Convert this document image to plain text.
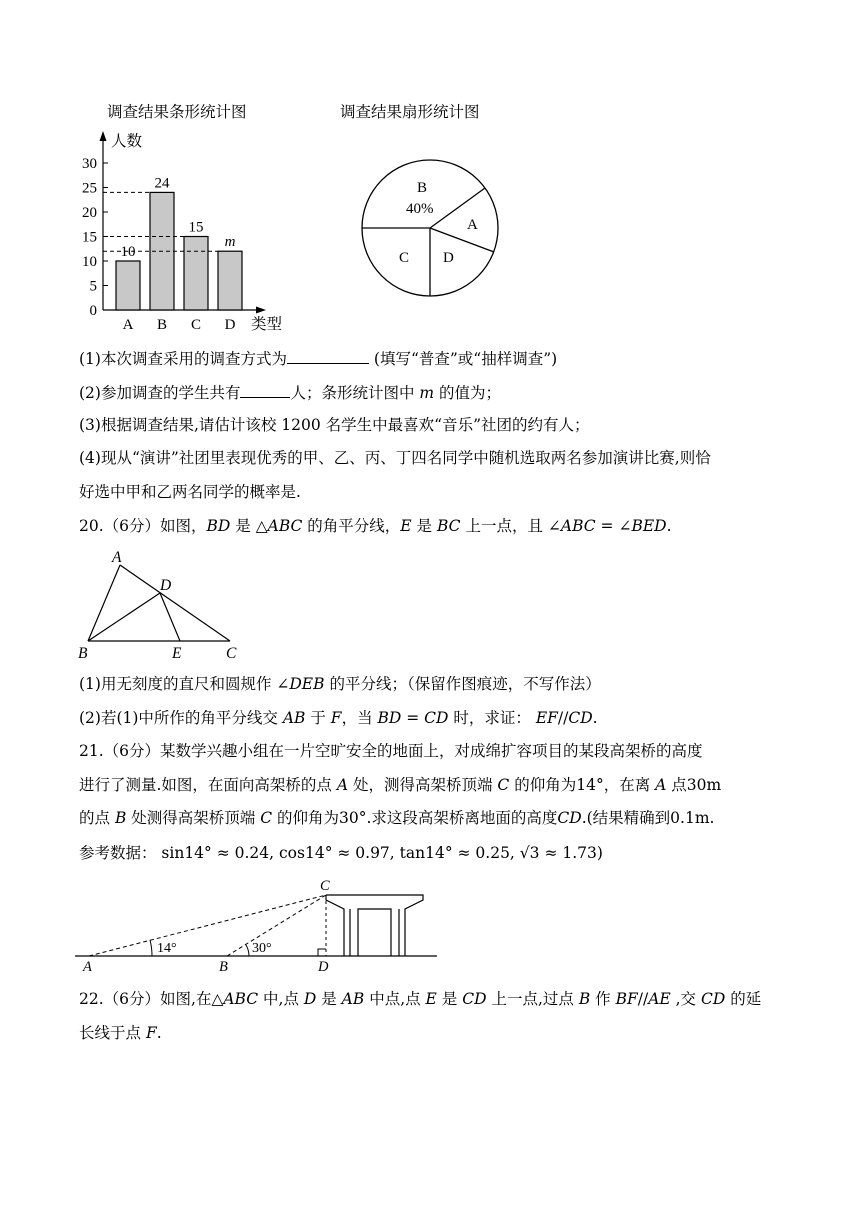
调查结果条形统计图
人数
类型
0
5
10
15
20
25
30
10
A
24
B
15
C
m
D
调查结果扇形统计图
B
40%
A
C D
(1)本次调查采用的调查方式为	(填写“普查”或“抽样调查”)
(2)参加调查的学生共有	人；条形统计图中 m 的值为；
(3)根据调查结果,请估计该校 1200 名学生中最喜欢“音乐”社团的约有人；
(4)现从“演讲”社团里表现优秀的甲、乙、丙、丁四名同学中随机选取两名参加演讲比赛,则恰
好选中甲和乙两名同学的概率是.
20.（6分）如图，BD 是 △ABC 的角平分线，E 是 BC 上一点，且 ∠ABC = ∠BED.
A
D
B	E	C
(1)用无刻度的直尺和圆规作 ∠DEB 的平分线；（保留作图痕迹，不写作法）
(2)若(1)中所作的角平分线交 AB 于 F，当 BD = CD 时，求证： EF//CD.
21.（6分）某数学兴趣小组在一片空旷安全的地面上，对成绵扩容项目的某段高架桥的高度
进行了测量.如图，在面向高架桥的点 A 处，测得高架桥顶端 C 的仰角为14°，在离 A 点30m
的点 B 处测得高架桥顶端 C 的仰角为30°.求这段高架桥离地面的高度CD.(结果精确到0.1m.
参考数据： sin14° ≈ 0.24, cos14° ≈ 0.97, tan14° ≈ 0.25, √3 ≈ 1.73)
C
A	B	D
14°	30°
22.（6分）如图,在△ABC 中,点 D 是 AB 中点,点 E 是 CD 上一点,过点 B 作 BF//AE ,交 CD 的延
长线于点 F.
